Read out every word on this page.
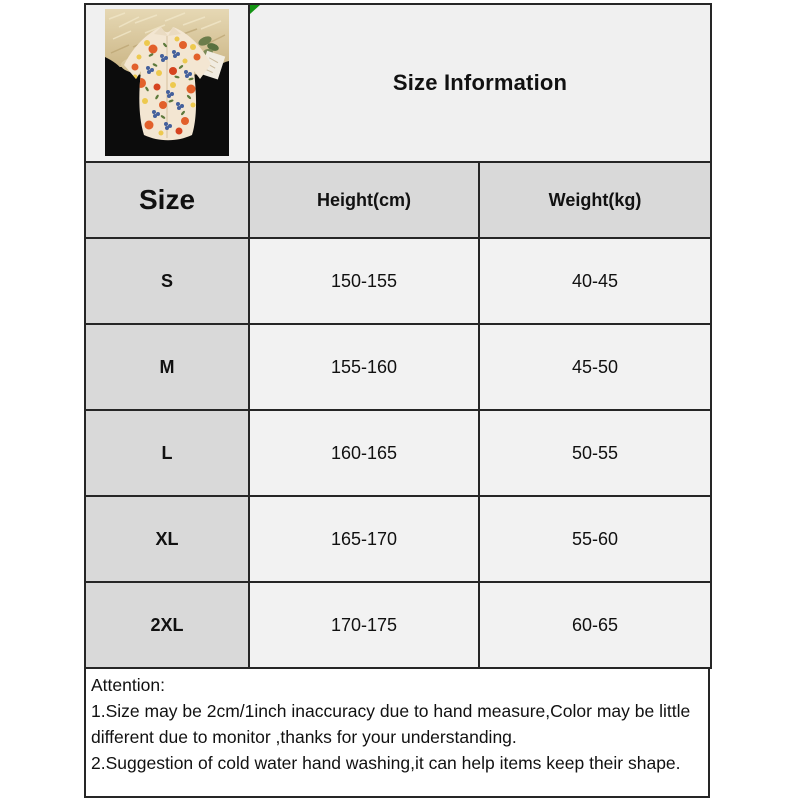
Size Information	
Size	Height(cm)	Weight(kg)
S	150-155	40-45
M	155-160	45-50
L	160-165	50-55
XL	165-170	55-60
2XL	170-175	60-65
Attention:
1.Size may be 2cm/1inch inaccuracy due to hand measure,Color may be little
different due to monitor ,thanks for your understanding.
2.Suggestion of cold water hand washing,it can help items keep their shape.
